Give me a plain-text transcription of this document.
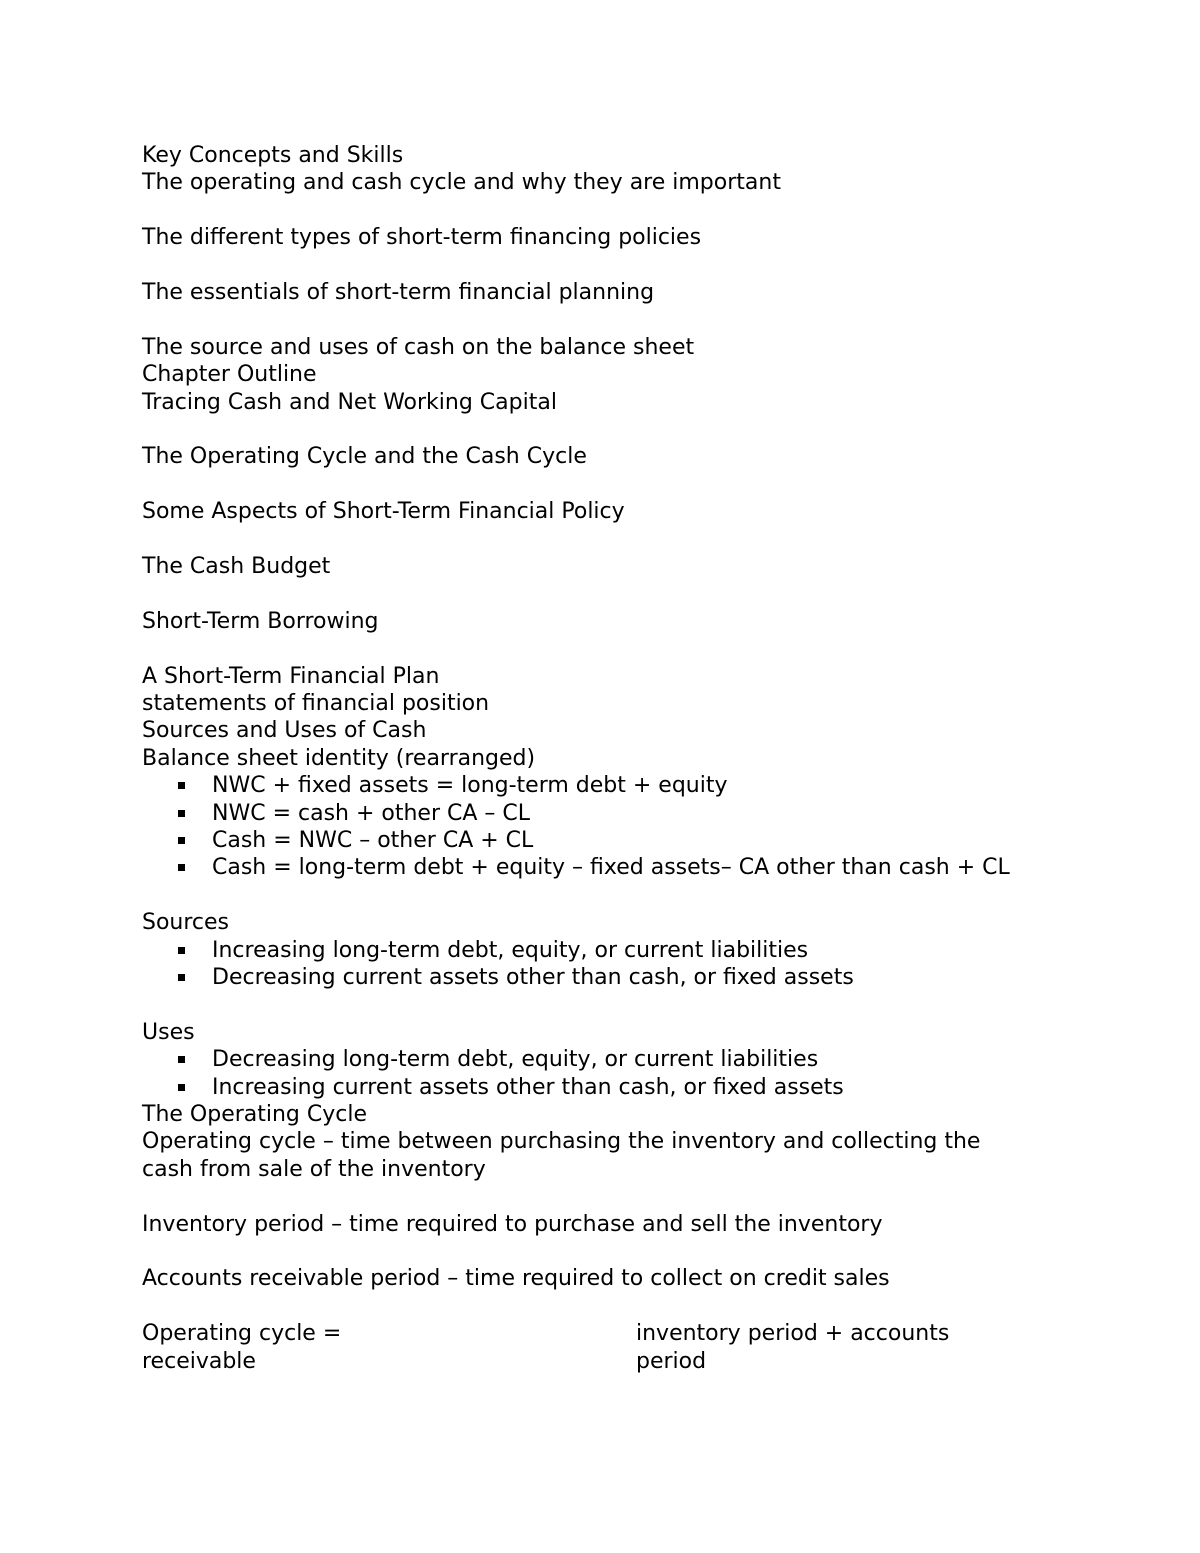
Key Concepts and Skills

The operating and cash cycle and why they are important

The different types of short-term financing policies

The essentials of short-term financial planning

The source and uses of cash on the balance sheet

Chapter Outline

Tracing Cash and Net Working Capital

The Operating Cycle and the Cash Cycle

Some Aspects of Short-Term Financial Policy

The Cash Budget

Short-Term Borrowing

A Short-Term Financial Plan

statements of financial position

Sources and Uses of Cash

Balance sheet identity (rearranged)

NWC + fixed assets = long-term debt + equity
NWC = cash + other CA – CL
Cash = NWC – other CA + CL
Cash = long-term debt + equity – fixed assets– CA other than cash + CL

Sources

Increasing long-term debt, equity, or current liabilities
Decreasing current assets other than cash, or fixed assets

Uses

Decreasing long-term debt, equity, or current liabilities
Increasing current assets other than cash, or fixed assets

The Operating Cycle

Operating cycle – time between purchasing the inventory and collecting the

cash from sale of the inventory

Inventory period – time required to purchase and sell the inventory

Accounts receivable period – time required to collect on credit sales

Operating cycle =	inventory period + accounts
receivable	period
